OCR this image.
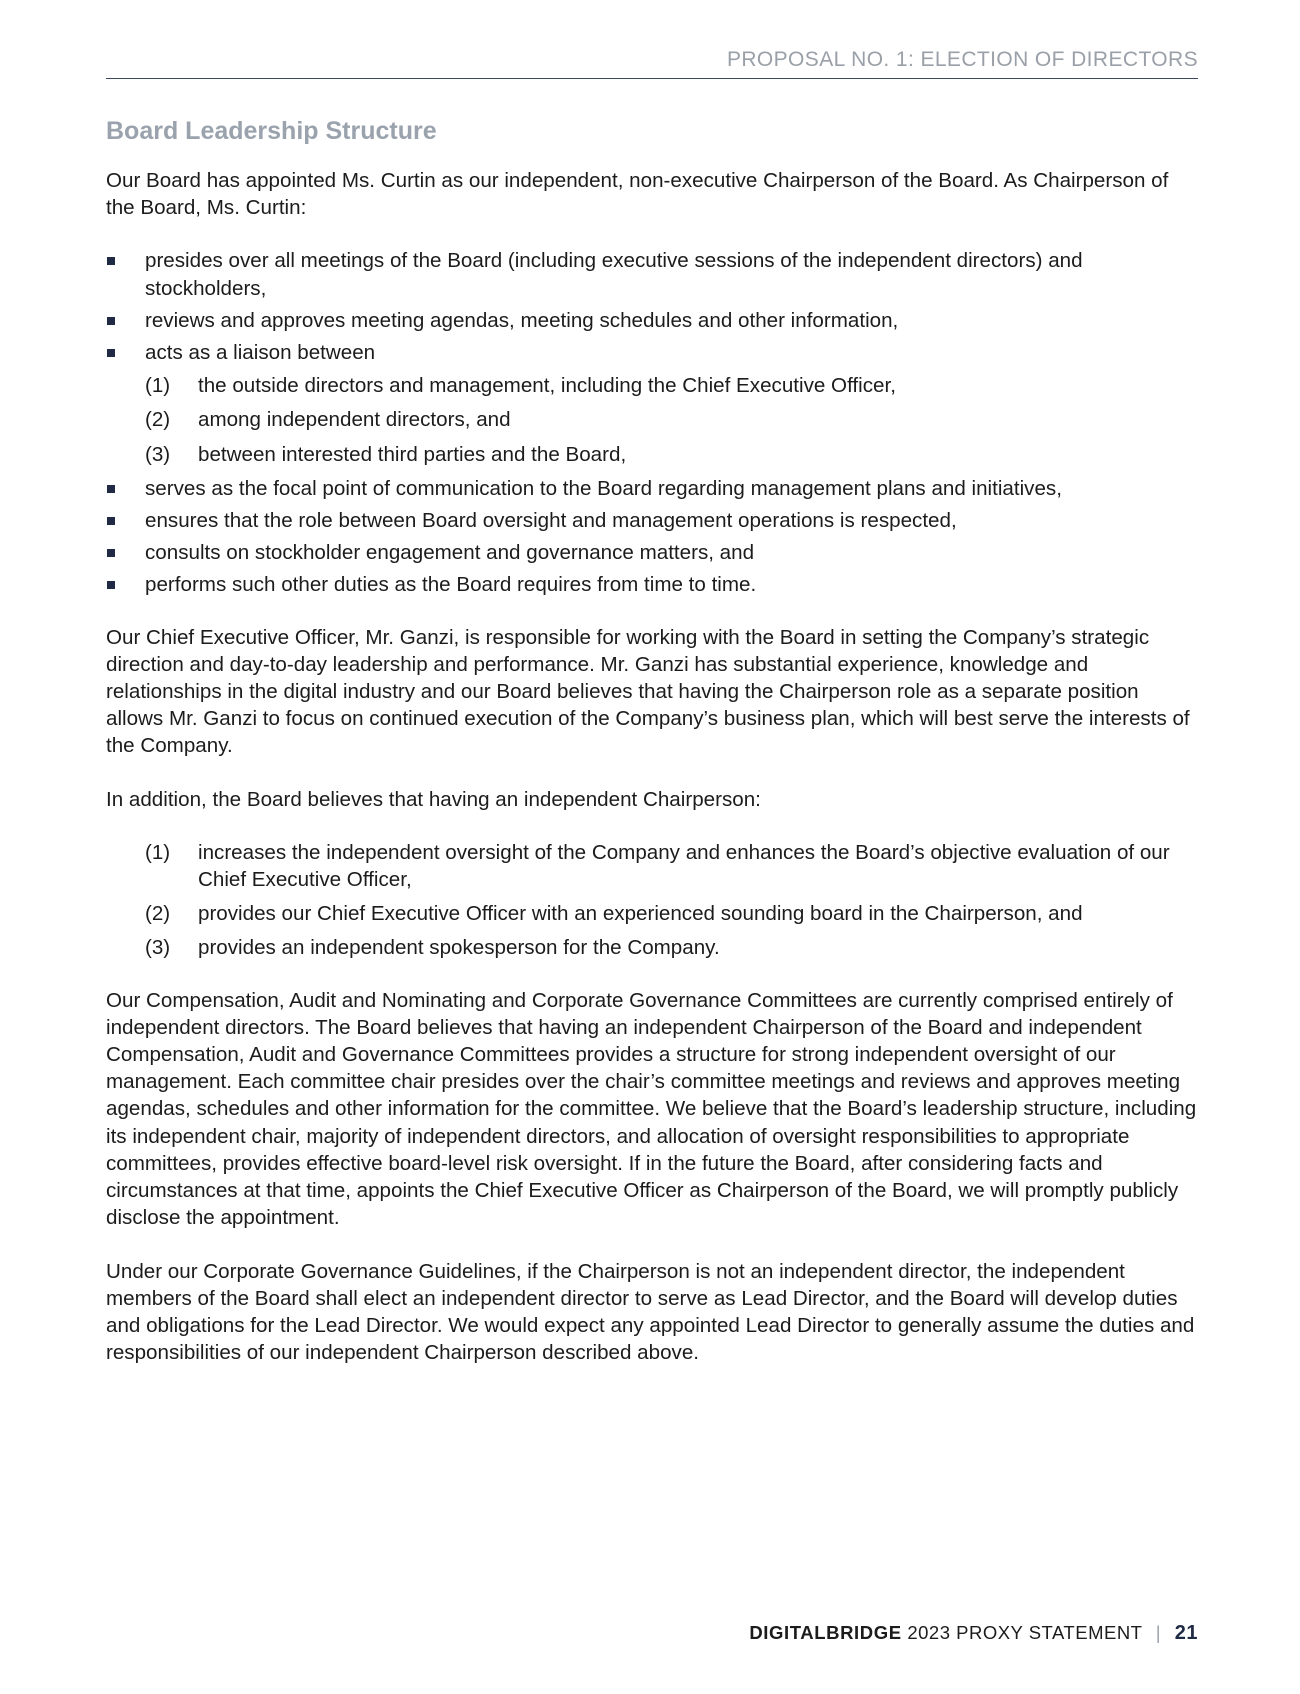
PROPOSAL NO. 1: ELECTION OF DIRECTORS
Board Leadership Structure

Our Board has appointed Ms. Curtin as our independent, non-executive Chairperson of the Board. As Chairperson of the Board, Ms. Curtin:

presides over all meetings of the Board (including executive sessions of the independent directors) and stockholders,
reviews and approves meeting agendas, meeting schedules and other information,
acts as a liaison between
(1) the outside directors and management, including the Chief Executive Officer,
(2) among independent directors, and
(3) between interested third parties and the Board,
serves as the focal point of communication to the Board regarding management plans and initiatives,
ensures that the role between Board oversight and management operations is respected,
consults on stockholder engagement and governance matters, and
performs such other duties as the Board requires from time to time.

Our Chief Executive Officer, Mr. Ganzi, is responsible for working with the Board in setting the Company’s strategic direction and day-to-day leadership and performance. Mr. Ganzi has substantial experience, knowledge and relationships in the digital industry and our Board believes that having the Chairperson role as a separate position allows Mr. Ganzi to focus on continued execution of the Company’s business plan, which will best serve the interests of the Company.

In addition, the Board believes that having an independent Chairperson:

(1) increases the independent oversight of the Company and enhances the Board’s objective evaluation of our Chief Executive Officer,
(2) provides our Chief Executive Officer with an experienced sounding board in the Chairperson, and
(3) provides an independent spokesperson for the Company.

Our Compensation, Audit and Nominating and Corporate Governance Committees are currently comprised entirely of independent directors. The Board believes that having an independent Chairperson of the Board and independent Compensation, Audit and Governance Committees provides a structure for strong independent oversight of our management. Each committee chair presides over the chair’s committee meetings and reviews and approves meeting agendas, schedules and other information for the committee. We believe that the Board’s leadership structure, including its independent chair, majority of independent directors, and allocation of oversight responsibilities to appropriate committees, provides effective board-level risk oversight. If in the future the Board, after considering facts and circumstances at that time, appoints the Chief Executive Officer as Chairperson of the Board, we will promptly publicly disclose the appointment.

Under our Corporate Governance Guidelines, if the Chairperson is not an independent director, the independent members of the Board shall elect an independent director to serve as Lead Director, and the Board will develop duties and obligations for the Lead Director. We would expect any appointed Lead Director to generally assume the duties and responsibilities of our independent Chairperson described above.

DIGITALBRIDGE 2023 PROXY STATEMENT | 21
